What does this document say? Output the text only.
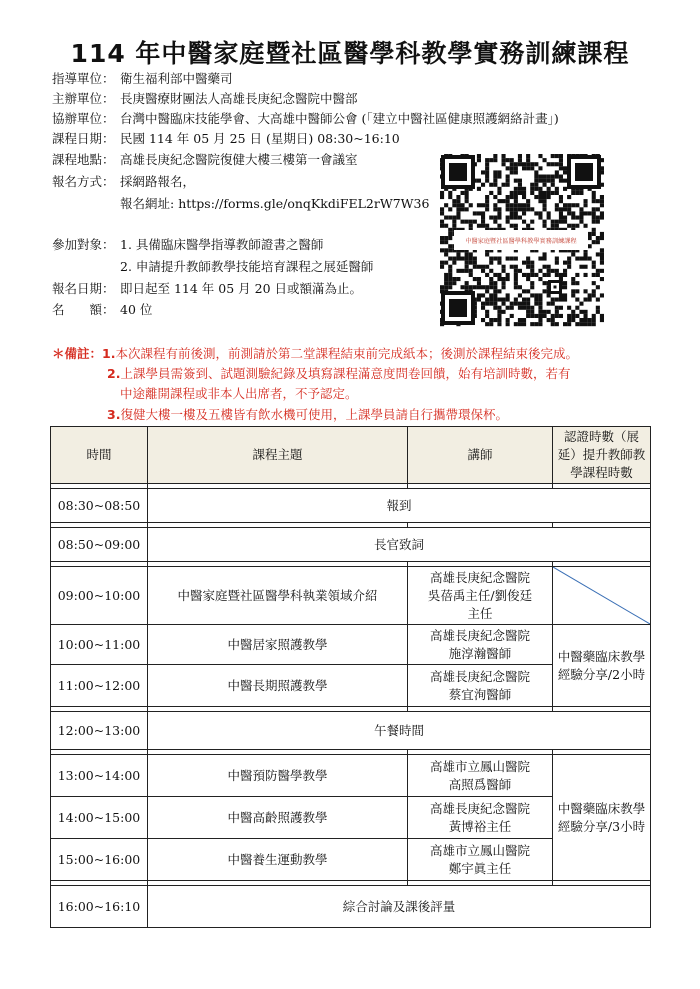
114 年中醫家庭暨社區醫學科教學實務訓練課程
指導單位： 衛生福利部中醫藥司
主辦單位： 長庚醫療財團法人高雄長庚紀念醫院中醫部
協辦單位： 台灣中醫臨床技能學會、大高雄中醫師公會 (「建立中醫社區健康照護網絡計畫」)
課程日期： 民國 114 年 05 月 25 日 (星期日) 08:30~16:10
課程地點： 高雄長庚紀念醫院復健大樓三樓第一會議室
報名方式： 採網路報名，
報名網址: https://forms.gle/onqKkdiFEL2rW7W36
參加對象： 1. 具備臨床醫學指導教師證書之醫師
2. 申請提升教師教學技能培育課程之展延醫師
報名日期： 即日起至 114 年 05 月 20 日或額滿為止。
名　　額： 40 位
中醫家庭暨社區醫學科教學實務訓練課程
＊備註：1.本次課程有前後測，前測請於第二堂課程結束前完成紙本；後測於課程結束後完成。
2.上課學員需簽到、試題測驗紀錄及填寫課程滿意度問卷回饋，始有培訓時數，若有
中途離開課程或非本人出席者，不予認定。
3.復健大樓一樓及五樓皆有飲水機可使用，上課學員請自行攜帶環保杯。
時間	課程主題	講師	認證時數（展延）提升教師教學課程時數

08:30~08:50	報到		

08:50~09:00	長官致詞		

09:00~10:00	中醫家庭暨社區醫學科執業領域介紹	高雄長庚紀念醫院
吳蓓禹主任/劉俊廷
主任

10:00~11:00	中醫居家照護教學	高雄長庚紀念醫院
施淳瀚醫師	中醫藥臨床教學經驗分享/2小時
11:00~12:00	中醫長期照護教學	高雄長庚紀念醫院
蔡宜洵醫師	

12:00~13:00	午餐時間		

13:00~14:00	中醫預防醫學教學	高雄市立鳳山醫院
高照爲醫師	中醫藥臨床教學經驗分享/3小時
14:00~15:00	中醫高齡照護教學	高雄長庚紀念醫院
黃博裕主任	

15:00~16:00	中醫養生運動教學	高雄市立鳳山醫院
鄭宇眞主任	

16:00~16:10	綜合討論及課後評量		
